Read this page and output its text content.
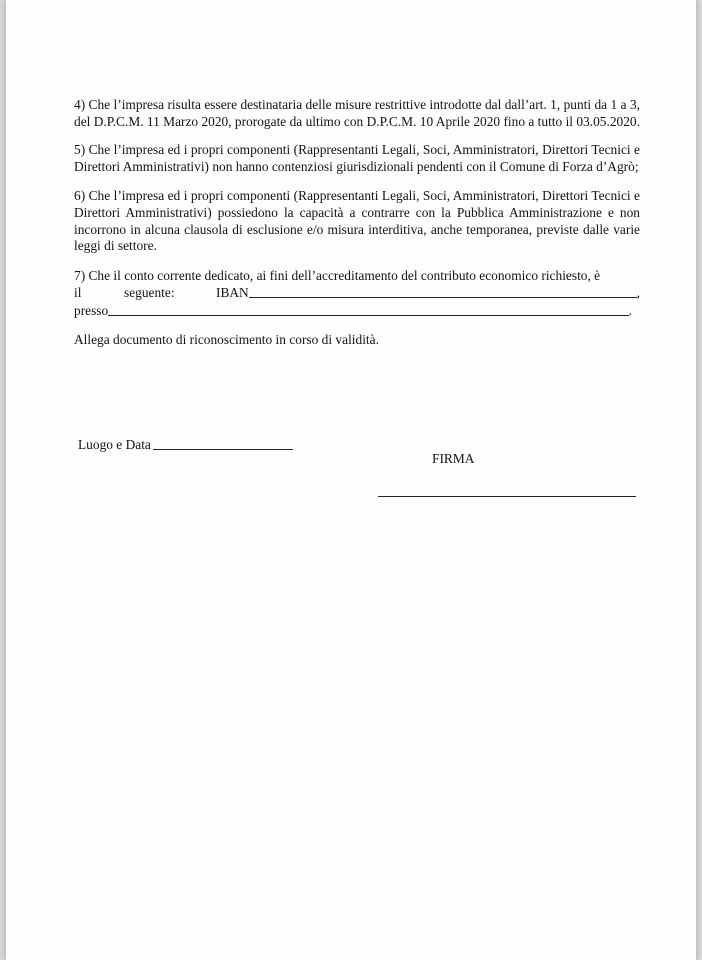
4) Che l’impresa risulta essere destinataria delle misure restrittive introdotte dal dall’art. 1, punti da 1 a 3, del D.P.C.M. 11 Marzo 2020, prorogate da ultimo con D.P.C.M. 10 Aprile 2020 fino a tutto il 03.05.2020.

5) Che l’impresa ed i propri componenti (Rappresentanti Legali, Soci, Amministratori, Direttori Tecnici e Direttori Amministrativi) non hanno contenziosi giurisdizionali pendenti con il Comune di Forza d’Agrò;

6) Che l’impresa ed i propri componenti (Rappresentanti Legali, Soci, Amministratori, Direttori Tecnici e Direttori Amministrativi) possiedono la capacità a contrarre con la Pubblica Amministrazione e non incorrono in alcuna clausola di esclusione e/o misura interditiva, anche temporanea, previste dalle varie leggi di settore.

7) Che il conto corrente dedicato, ai fini dell’accreditamento del contributo economico richiesto, è
il	seguente:	IBAN	,
presso	.

Allega documento di riconoscimento in corso di validità.

Luogo e Data
FIRMA
